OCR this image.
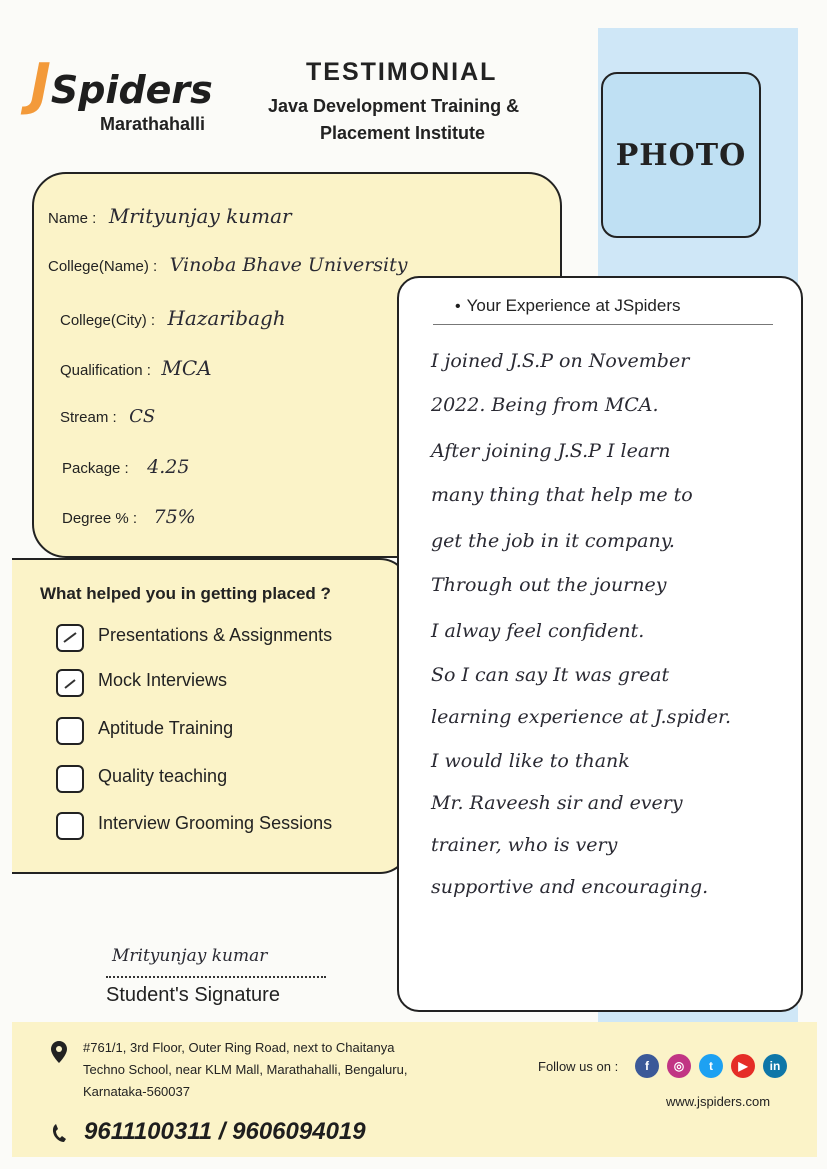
JSpiders
Marathahalli
TESTIMONIAL
Java Development Training &
Placement Institute
PHOTO
Name : Mrityunjay kumar
College(Name) : Vinoba Bhave University
College(City) : Hazaribagh
Qualification : MCA
Stream : CS
Package : 4.25
Degree % : 75%
What helped you in getting placed ?
Presentations & Assignments
Mock Interviews
Aptitude Training
Quality teaching
Interview Grooming Sessions
• Your Experience at JSpiders
I joined J.S.P on November
2022. Being from MCA.
After joining J.S.P I learn
many thing that help me to
get the job in it company.
Through out the journey
I alway feel confident.
So I can say It was great
learning experience at J.spider.
I would like to thank
Mr. Raveesh sir and every
trainer, who is very
supportive and encouraging.
Mrityunjay kumar
Student's Signature
#761/1, 3rd Floor, Outer Ring Road, next to Chaitanya
Techno School, near KLM Mall, Marathahalli, Bengaluru,
Karnataka-560037
Follow us on :	f	◎	t	▶	in
www.jspiders.com
9611100311 / 9606094019
